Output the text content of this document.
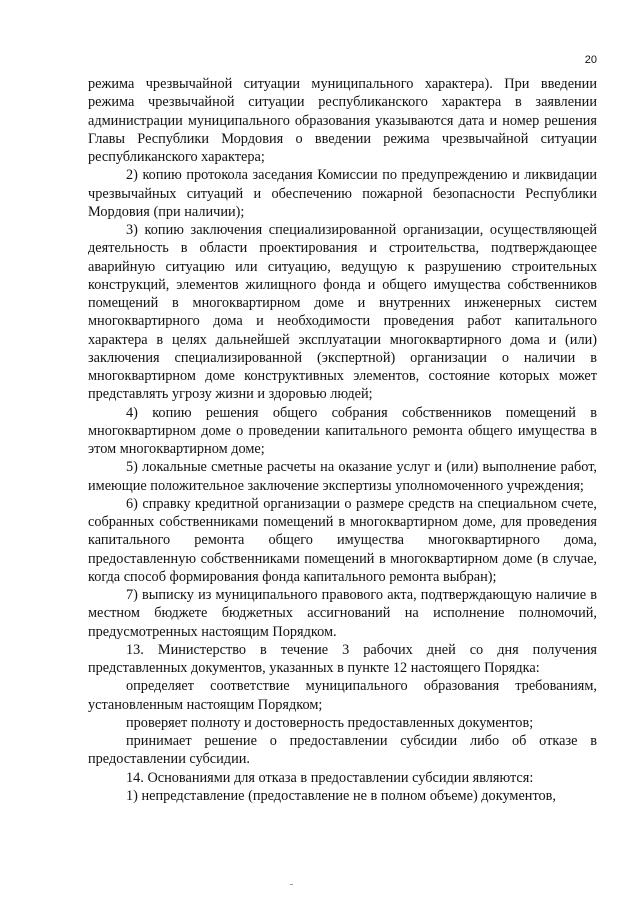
20

режима чрезвычайной ситуации муниципального характера). При введении режима чрезвычайной ситуации республиканского характера в заявлении администрации муниципального образования указываются дата и номер решения Главы Республики Мордовия о введении режима чрезвычайной ситуации республиканского характера;

2) копию протокола заседания Комиссии по предупреждению и ликвидации чрезвычайных ситуаций и обеспечению пожарной безопасности Республики Мордовия (при наличии);

3) копию заключения специализированной организации, осуществляющей деятельность в области проектирования и строительства, подтверждающее аварийную ситуацию или ситуацию, ведущую к разрушению строительных конструкций, элементов жилищного фонда и общего имущества собственников помещений в многоквартирном доме и внутренних инженерных систем многоквартирного дома и необходимости проведения работ капитального характера в целях дальнейшей эксплуатации многоквартирного дома и (или) заключения специализированной (экспертной) организации о наличии в многоквартирном доме конструктивных элементов, состояние которых может представлять угрозу жизни и здоровью людей;

4) копию решения общего собрания собственников помещений в многоквартирном доме о проведении капитального ремонта общего имущества в этом многоквартирном доме;

5) локальные сметные расчеты на оказание услуг и (или) выполнение работ, имеющие положительное заключение экспертизы уполномоченного учреждения;

6) справку кредитной организации о размере средств на специальном счете, собранных собственниками помещений в многоквартирном доме, для проведения капитального ремонта общего имущества многоквартирного дома, предоставленную собственниками помещений в многоквартирном доме (в случае, когда способ формирования фонда капитального ремонта выбран);

7) выписку из муниципального правового акта, подтверждающую наличие в местном бюджете бюджетных ассигнований на исполнение полномочий, предусмотренных настоящим Порядком.

13. Министерство в течение 3 рабочих дней со дня получения представленных документов, указанных в пункте 12 настоящего Порядка:

определяет соответствие муниципального образования требованиям, установленным настоящим Порядком;

проверяет полноту и достоверность предоставленных документов;

принимает решение о предоставлении субсидии либо об отказе в предоставлении субсидии.

14. Основаниями для отказа в предоставлении субсидии являются:

1) непредставление (предоставление не в полном объеме) документов,
